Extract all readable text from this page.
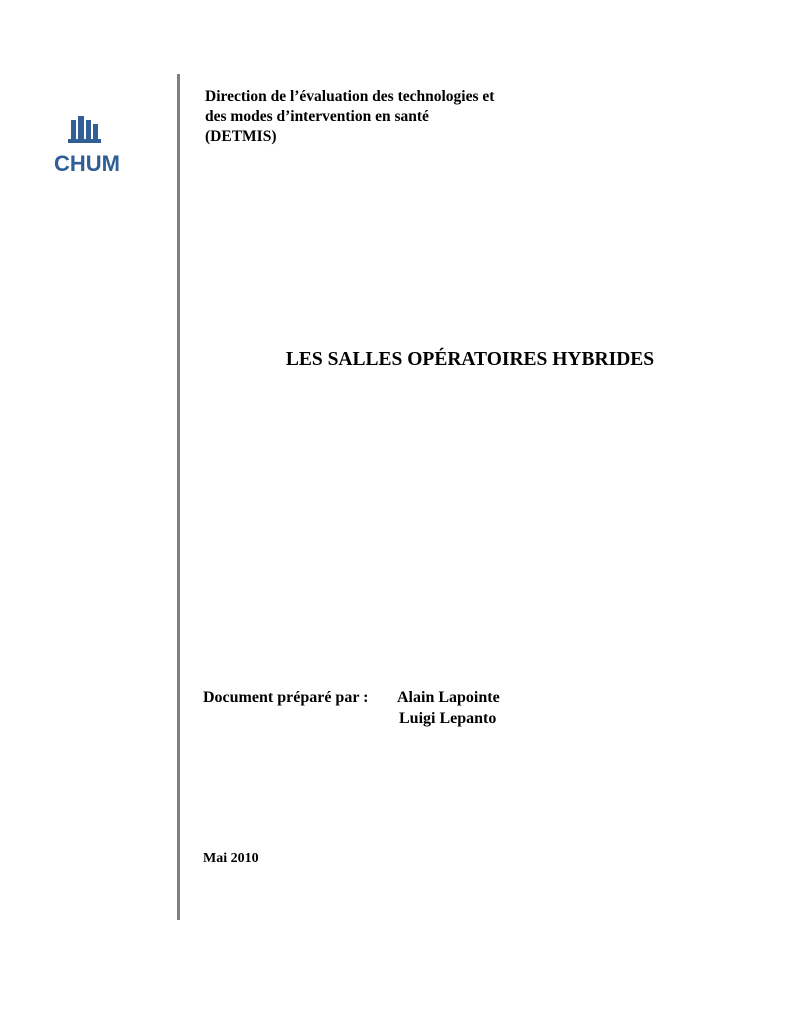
CHUM
Direction de l’évaluation des technologies et
des modes d’intervention en santé
(DETMIS)
LES SALLES OPÉRATOIRES HYBRIDES
Document préparé par : Alain Lapointe
Luigi Lepanto
Mai 2010
